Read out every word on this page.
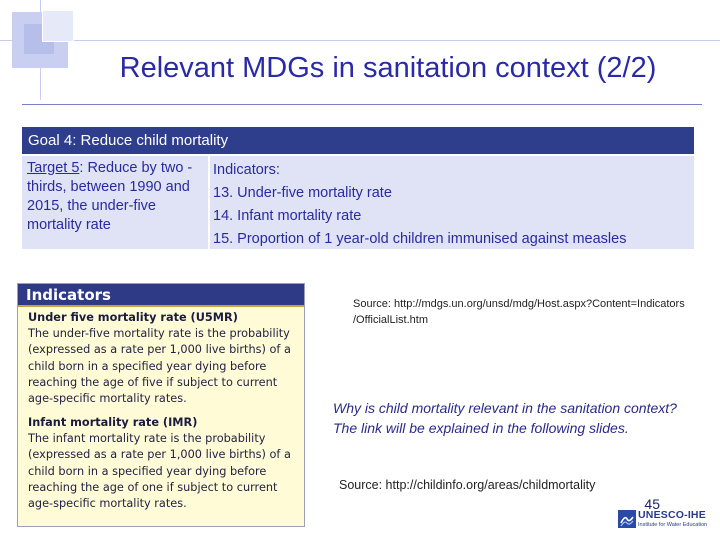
Relevant MDGs in sanitation context (2/2)
Goal 4: Reduce child mortality
Target 5: Reduce by two -thirds, between 1990 and 2015, the under-five mortality rate
Indicators:
13. Under-five mortality rate
14. Infant mortality rate
15. Proportion of 1 year-old children immunised against measles
Indicators
Under five mortality rate (U5MR)
The under-five mortality rate is the probability (expressed as a rate per 1,000 live births) of a child born in a specified year dying before reaching the age of five if subject to current age-specific mortality rates.
Infant mortality rate (IMR)
The infant mortality rate is the probability (expressed as a rate per 1,000 live births) of a child born in a specified year dying before reaching the age of one if subject to current age-specific mortality rates.
Source: http://mdgs.un.org/unsd/mdg/Host.aspx?Content=Indicators /OfficialList.htm
Why is child mortality relevant in the sanitation context? The link will be explained in the following slides.
Source: http://childinfo.org/areas/childmortality
45
UNESCO-IHE
Institute for Water Education
